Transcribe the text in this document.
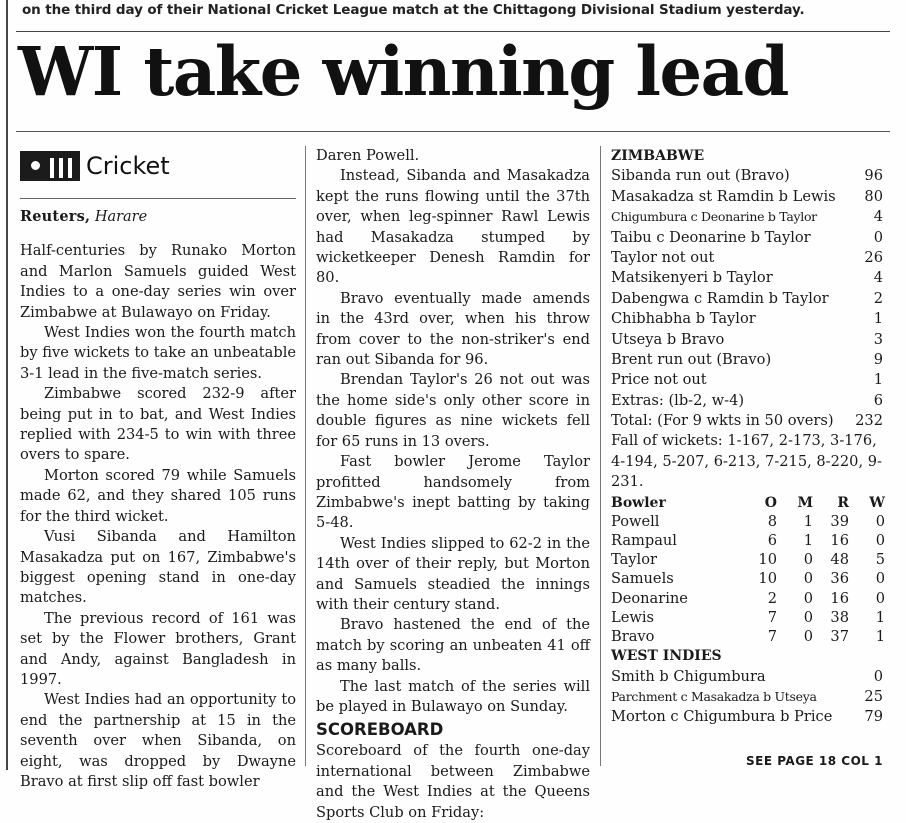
on the third day of their National Cricket League match at the Chittagong Divisional Stadium yesterday.
WI take winning lead
Cricket
Reuters, Harare

Half-centuries by Runako Morton and Marlon Samuels guided West Indies to a one-day series win over Zimbabwe at Bulawayo on Friday.

West Indies won the fourth match by five wickets to take an unbeatable 3-1 lead in the five-match series.

Zimbabwe scored 232-9 after being put in to bat, and West Indies replied with 234-5 to win with three overs to spare.

Morton scored 79 while Samuels made 62, and they shared 105 runs for the third wicket.

Vusi Sibanda and Hamilton Masakadza put on 167, Zimbabwe's biggest opening stand in one-day matches.

The previous record of 161 was set by the Flower brothers, Grant and Andy, against Bangladesh in 1997.

West Indies had an opportunity to end the partnership at 15 in the seventh over when Sibanda, on eight, was dropped by Dwayne Bravo at first slip off fast bowler

Daren Powell.

Instead, Sibanda and Masakadza kept the runs flowing until the 37th over, when leg-spinner Rawl Lewis had Masakadza stumped by wicketkeeper Denesh Ramdin for 80.

Bravo eventually made amends in the 43rd over, when his throw from cover to the non-striker's end ran out Sibanda for 96.

Brendan Taylor's 26 not out was the home side's only other score in double figures as nine wickets fell for 65 runs in 13 overs.

Fast bowler Jerome Taylor profitted handsomely from Zimbabwe's inept batting by taking 5-48.

West Indies slipped to 62-2 in the 14th over of their reply, but Morton and Samuels steadied the innings with their century stand.

Bravo hastened the end of the match by scoring an unbeaten 41 off as many balls.

The last match of the series will be played in Bulawayo on Sunday.

SCOREBOARD

Scoreboard of the fourth one-day international between Zimbabwe and the West Indies at the Queens Sports Club on Friday:

ZIMBABWE
Sibanda run out (Bravo)	96
Masakadza st Ramdin b Lewis 80
Chigumbura c Deonarine b Taylor	4
Taibu c Deonarine b Taylor	0
Taylor not out	26
Matsikenyeri b Taylor	4
Dabengwa c Ramdin b Taylor	2
Chibhabha b Taylor	1
Utseya b Bravo	3
Brent run out (Bravo)	9
Price not out	1
Extras: (lb-2, w-4)	6
Total: (For 9 wkts in 50 overs) 232
Fall of wickets: 1-167, 2-173, 3-176, 4-194, 5-207, 6-213, 7-215, 8-220, 9-231.
Bowler	O	M	R	W
Powell	8	1	39	0
Rampaul	6	1	16	0
Taylor	10	0	48	5
Samuels	10	0	36	0
Deonarine	2	0	16	0
Lewis	7	0	38	1
Bravo	7	0	37	1
WEST INDIES
Smith b Chigumbura	0
Parchment c Masakadza b Utseya	25
Morton c Chigumbura b Price 79
SEE PAGE 18 COL 1
